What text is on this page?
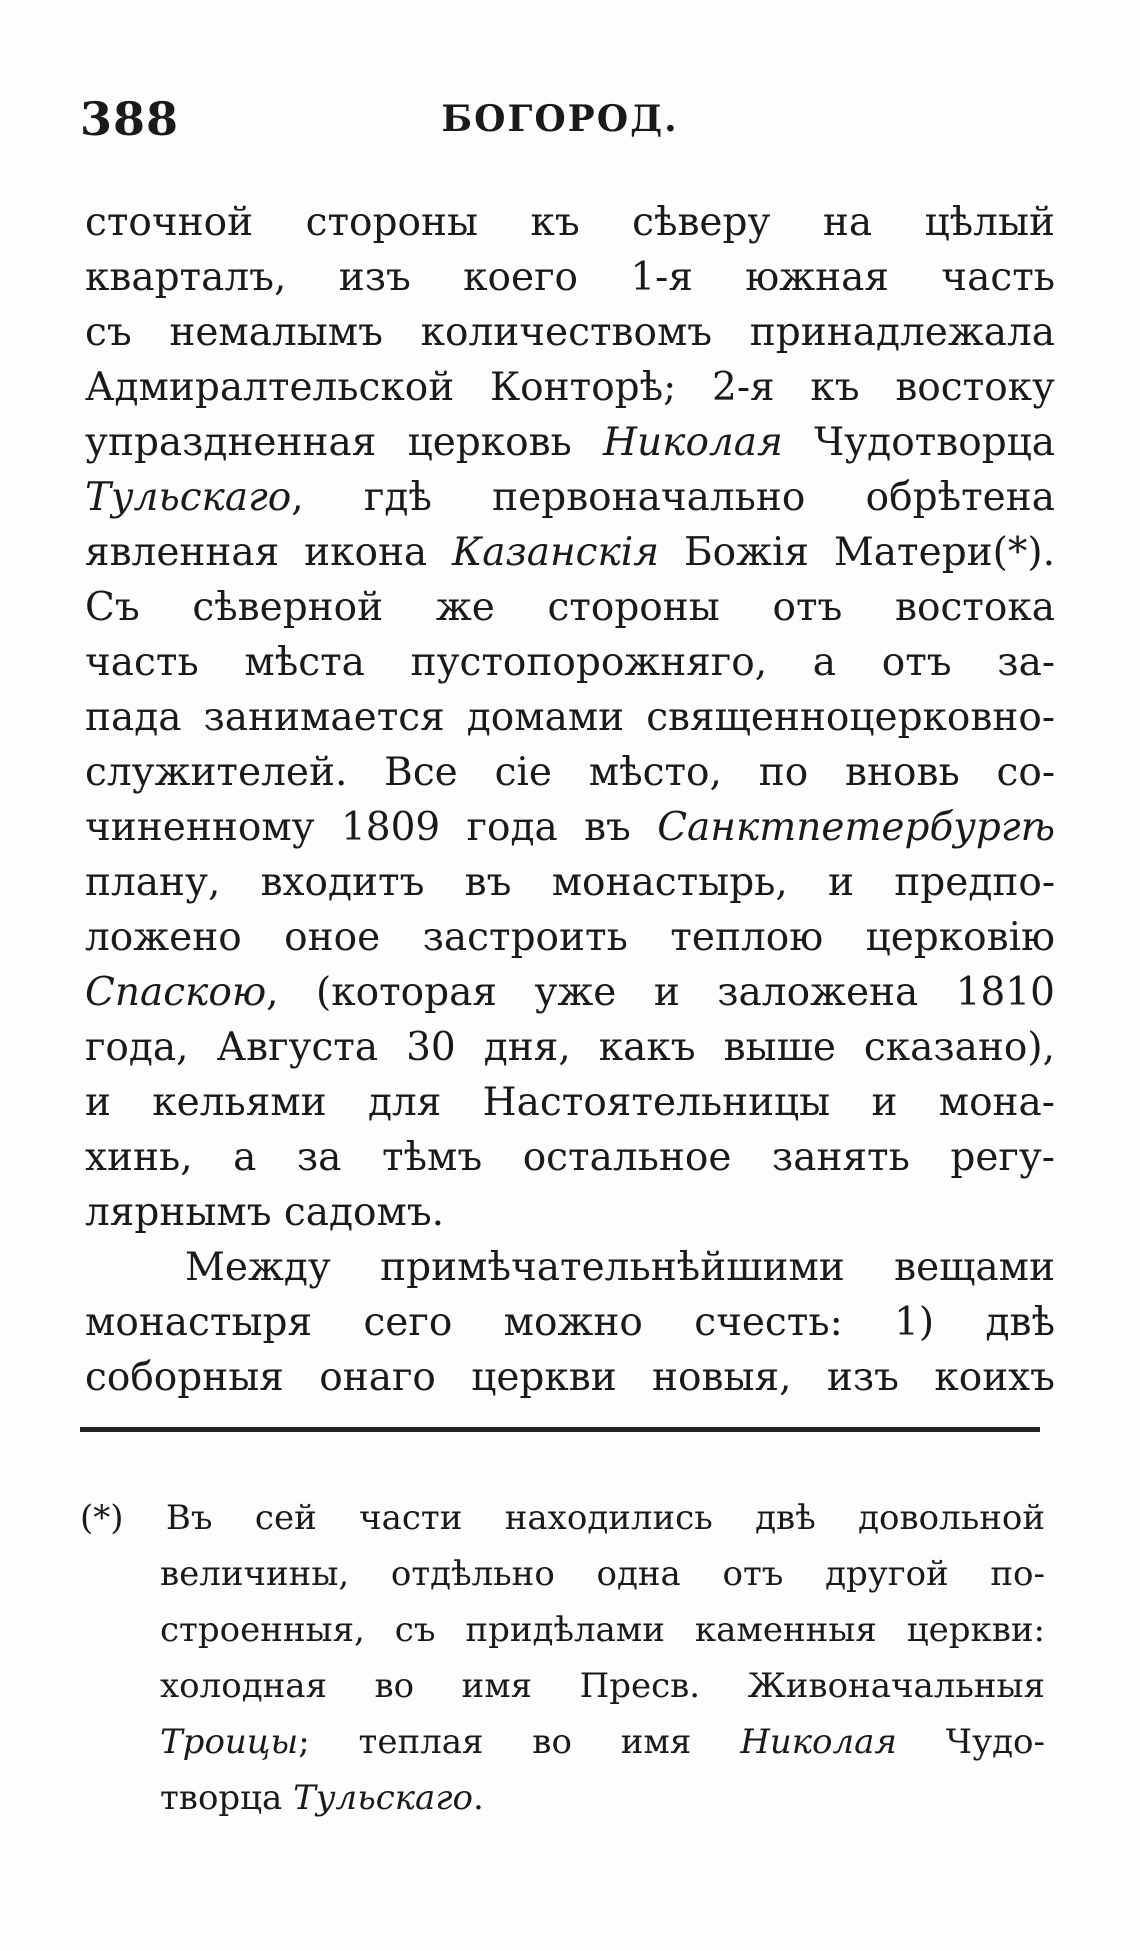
388	БОГОРОД.
сточной стороны къ сѣверу на цѣлый
кварталъ, изъ коего 1-я южная часть
съ немалымъ количествомъ принадлежала
Адмиралтельской Конторѣ; 2-я къ востоку
упраздненная церковь Николая Чудотворца
Тульскаго, гдѣ первоначально обрѣтена
явленная икона Казанскія Божія Матери(*).
Съ сѣверной же стороны отъ востока
часть мѣста пустопорожняго, а отъ за-
пада занимается домами священноцерковно-
служителей. Все сіе мѣсто, по вновь со-
чиненному 1809 года въ Санктпетербургѣ
плану, входитъ въ монастырь, и предпо-
ложено оное застроить теплою церковію
Спаскою, (которая уже и заложена 1810
года, Августа 30 дня, какъ выше сказано),
и кельями для Настоятельницы и мона-
хинь, а за тѣмъ остальное занять регу-
лярнымъ садомъ.
Между примѣчательнѣйшими вещами
монастыря сего можно счесть: 1) двѣ
соборныя онаго церкви новыя, изъ коихъ
(*) Въ сей части находились двѣ довольной
величины, отдѣльно одна отъ другой по-
строенныя, съ придѣлами каменныя церкви:
холодная во имя Пресв. Живоначальныя
Троицы; теплая во имя Николая Чудо-
творца Тульскаго.
